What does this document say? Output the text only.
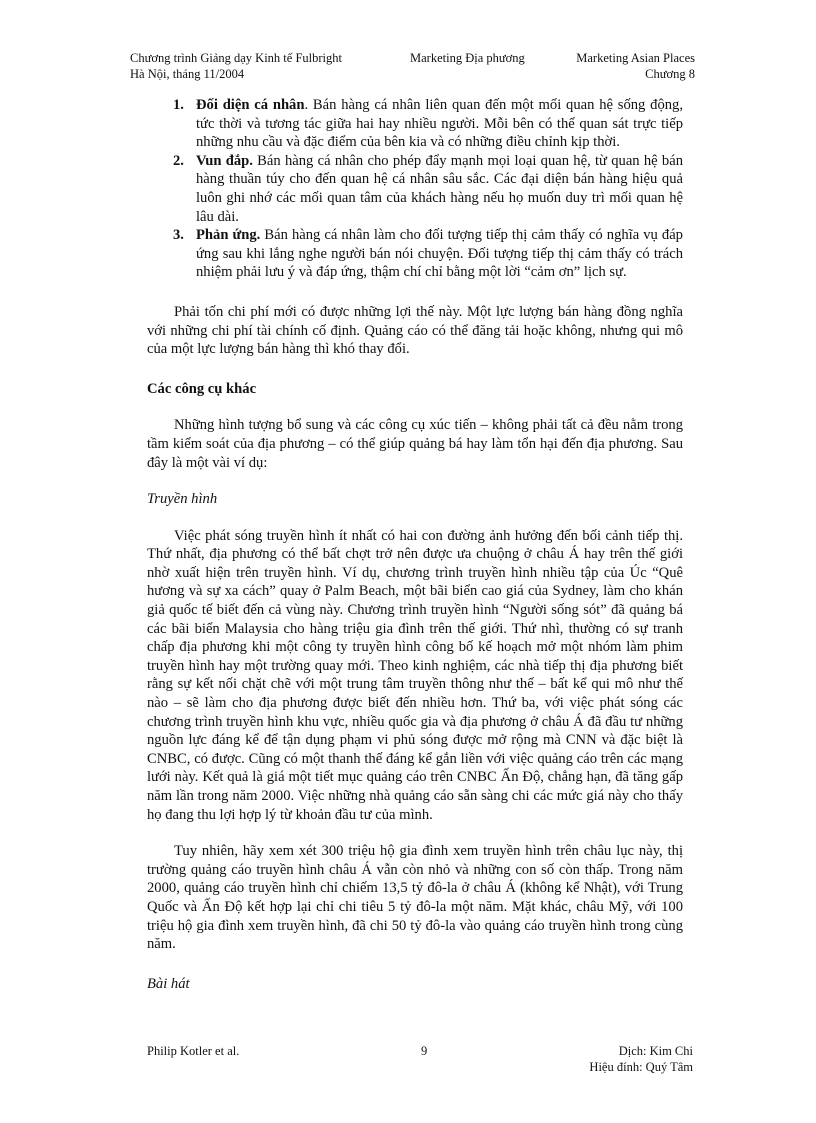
Chương trình Giảng dạy Kinh tế Fulbright	Marketing Địa phương	Marketing Asian Places
Hà Nội, tháng 11/2004	Chương 8
1. Đối diện cá nhân. Bán hàng cá nhân liên quan đến một mối quan hệ sống động, tức thời và tương tác giữa hai hay nhiều người. Mỗi bên có thể quan sát trực tiếp những nhu cầu và đặc điểm của bên kia và có những điều chỉnh kịp thời.
2. Vun đắp. Bán hàng cá nhân cho phép đẩy mạnh mọi loại quan hệ, từ quan hệ bán hàng thuần túy cho đến quan hệ cá nhân sâu sắc. Các đại diện bán hàng hiệu quả luôn ghi nhớ các mối quan tâm của khách hàng nếu họ muốn duy trì mối quan hệ lâu dài.
3. Phản ứng. Bán hàng cá nhân làm cho đối tượng tiếp thị cảm thấy có nghĩa vụ đáp ứng sau khi lắng nghe người bán nói chuyện. Đối tượng tiếp thị cảm thấy có trách nhiệm phải lưu ý và đáp ứng, thậm chí chỉ bằng một lời “cảm ơn” lịch sự.

Phải tốn chi phí mới có được những lợi thế này. Một lực lượng bán hàng đồng nghĩa với những chi phí tài chính cố định. Quảng cáo có thể đăng tải hoặc không, nhưng qui mô của một lực lượng bán hàng thì khó thay đổi.

Các công cụ khác

Những hình tượng bổ sung và các công cụ xúc tiến – không phải tất cả đều nằm trong tầm kiểm soát của địa phương – có thể giúp quảng bá hay làm tổn hại đến địa phương. Sau đây là một vài ví dụ:

Truyền hình

Việc phát sóng truyền hình ít nhất có hai con đường ảnh hưởng đến bối cảnh tiếp thị. Thứ nhất, địa phương có thể bất chợt trở nên được ưa chuộng ở châu Á hay trên thế giới nhờ xuất hiện trên truyền hình. Ví dụ, chương trình truyền hình nhiều tập của Úc “Quê hương và sự xa cách” quay ở Palm Beach, một bãi biển cao giá của Sydney, làm cho khán giả quốc tế biết đến cả vùng này. Chương trình truyền hình “Người sống sót” đã quảng bá các bãi biển Malaysia cho hàng triệu gia đình trên thế giới. Thứ nhì, thường có sự tranh chấp địa phương khi một công ty truyền hình công bố kế hoạch mở một nhóm làm phim truyền hình hay một trường quay mới. Theo kinh nghiệm, các nhà tiếp thị địa phương biết rằng sự kết nối chặt chẽ với một trung tâm truyền thông như thế – bất kể qui mô như thế nào – sẽ làm cho địa phương được biết đến nhiều hơn. Thứ ba, với việc phát sóng các chương trình truyền hình khu vực, nhiều quốc gia và địa phương ở châu Á đã đầu tư những nguồn lực đáng kể để tận dụng phạm vi phủ sóng được mở rộng mà CNN và đặc biệt là CNBC, có được. Cũng có một thanh thế đáng kể gắn liền với việc quảng cáo trên các mạng lưới này. Kết quả là giá một tiết mục quảng cáo trên CNBC Ấn Độ, chẳng hạn, đã tăng gấp năm lần trong năm 2000. Việc những nhà quảng cáo sẵn sàng chi các mức giá này cho thấy họ đang thu lợi hợp lý từ khoản đầu tư của mình.

Tuy nhiên, hãy xem xét 300 triệu hộ gia đình xem truyền hình trên châu lục này, thị trường quảng cáo truyền hình châu Á vẫn còn nhỏ và những con số còn thấp. Trong năm 2000, quảng cáo truyền hình chỉ chiếm 13,5 tỷ đô-la ở châu Á (không kể Nhật), với Trung Quốc và Ấn Độ kết hợp lại chỉ chi tiêu 5 tỷ đô-la một năm. Mặt khác, châu Mỹ, với 100 triệu hộ gia đình xem truyền hình, đã chi 50 tỷ đô-la vào quảng cáo truyền hình trong cùng năm.

Bài hát

Philip Kotler et al.	9	Dịch: Kim Chi
Hiệu đính: Quý Tâm
